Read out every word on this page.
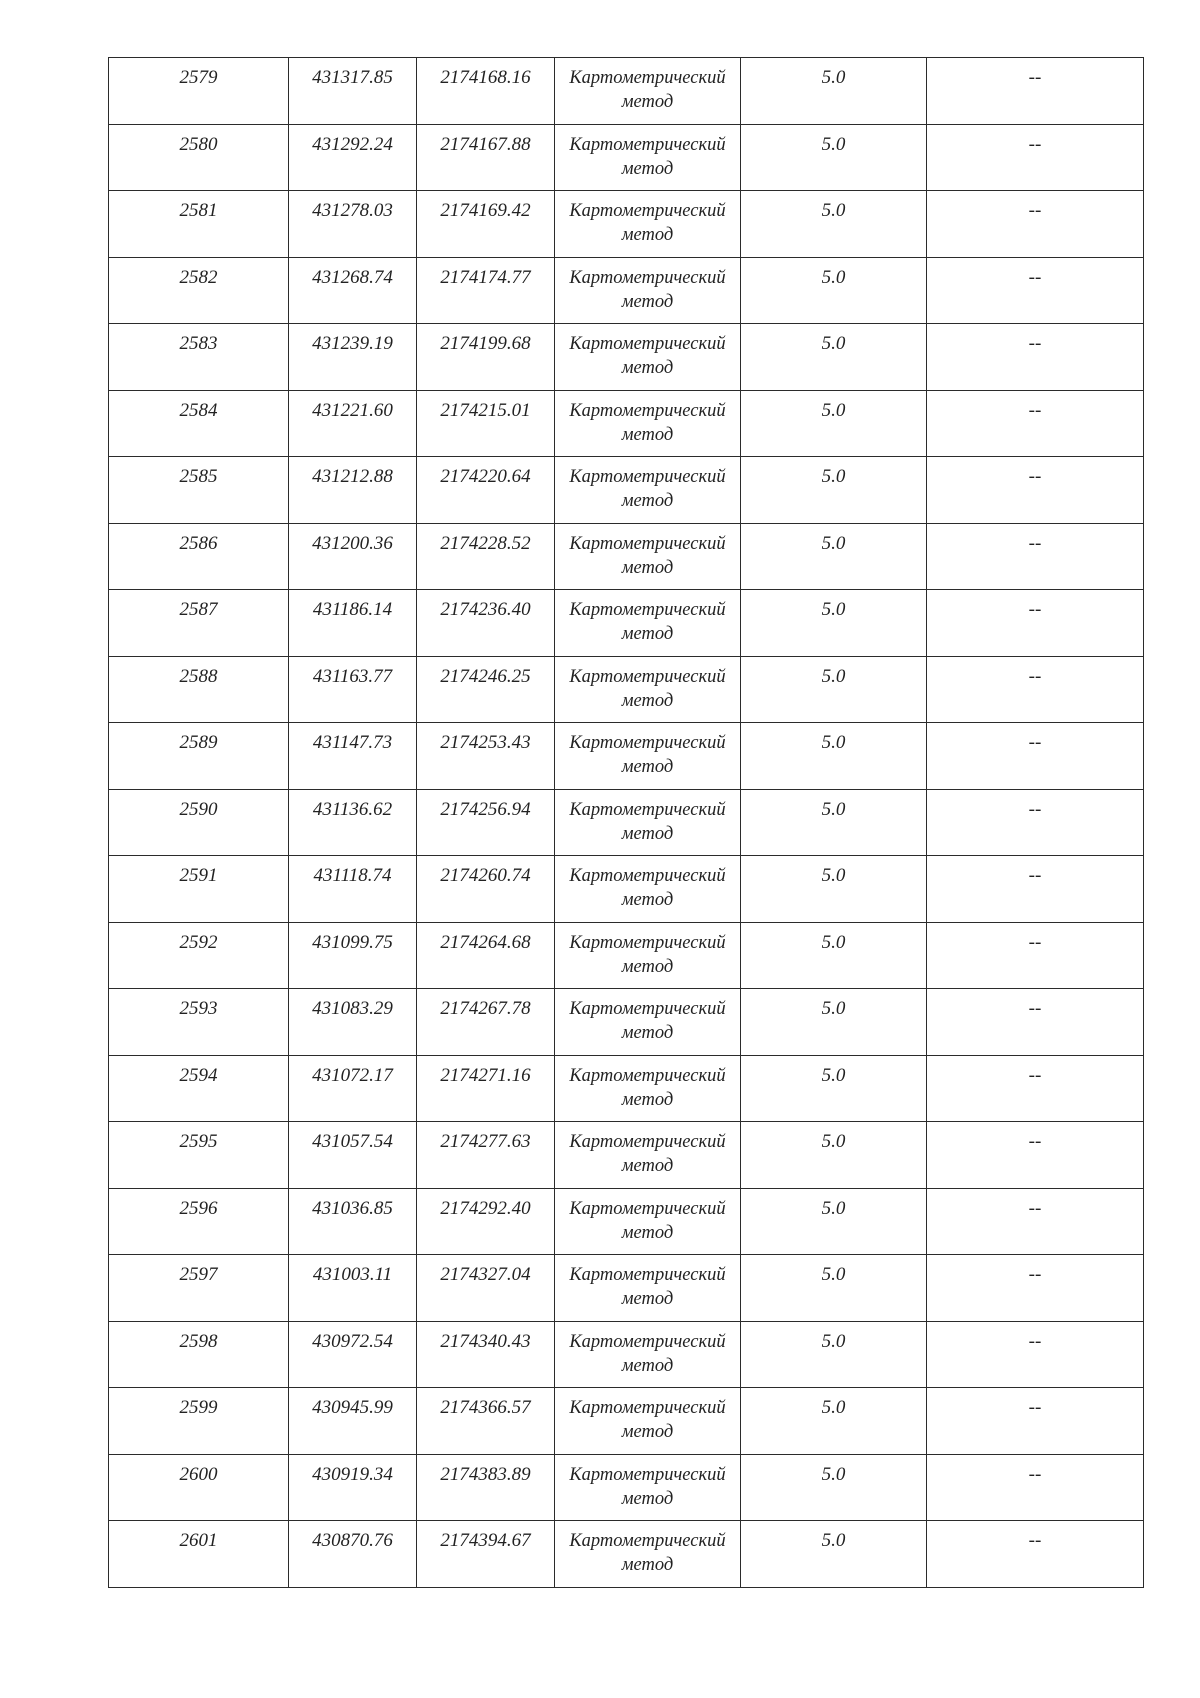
2579	431317.85	2174168.16	Картометрический метод	5.0	--

2580	431292.24	2174167.88	Картометрический метод	5.0	--

2581	431278.03	2174169.42	Картометрический метод	5.0	--

2582	431268.74	2174174.77	Картометрический метод	5.0	--

2583	431239.19	2174199.68	Картометрический метод	5.0	--

2584	431221.60	2174215.01	Картометрический метод	5.0	--

2585	431212.88	2174220.64	Картометрический метод	5.0	--

2586	431200.36	2174228.52	Картометрический метод	5.0	--

2587	431186.14	2174236.40	Картометрический метод	5.0	--

2588	431163.77	2174246.25	Картометрический метод	5.0	--

2589	431147.73	2174253.43	Картометрический метод	5.0	--

2590	431136.62	2174256.94	Картометрический метод	5.0	--

2591	431118.74	2174260.74	Картометрический метод	5.0	--

2592	431099.75	2174264.68	Картометрический метод	5.0	--

2593	431083.29	2174267.78	Картометрический метод	5.0	--

2594	431072.17	2174271.16	Картометрический метод	5.0	--

2595	431057.54	2174277.63	Картометрический метод	5.0	--

2596	431036.85	2174292.40	Картометрический метод	5.0	--

2597	431003.11	2174327.04	Картометрический метод	5.0	--

2598	430972.54	2174340.43	Картометрический метод	5.0	--

2599	430945.99	2174366.57	Картометрический метод	5.0	--

2600	430919.34	2174383.89	Картометрический метод	5.0	--

2601	430870.76	2174394.67	Картометрический метод	5.0	--
